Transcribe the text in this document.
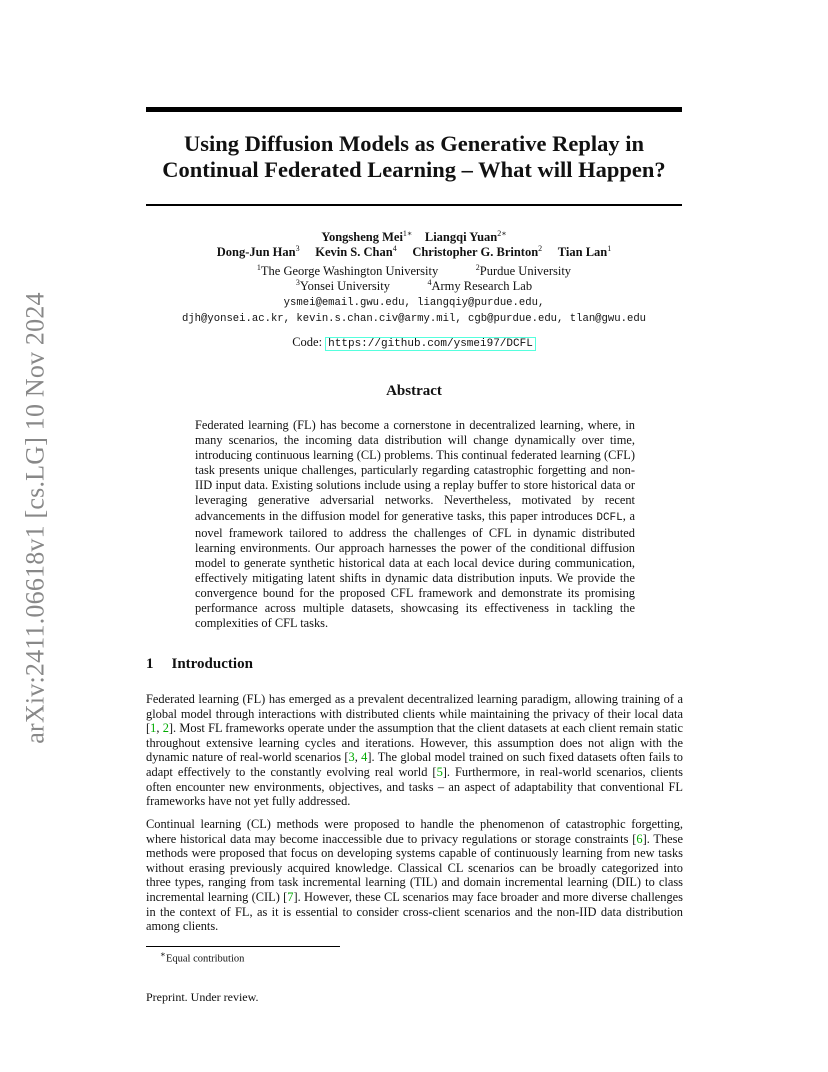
arXiv:2411.06618v1 [cs.LG] 10 Nov 2024
Using Diffusion Models as Generative Replay in
Continual Federated Learning – What will Happen?
Yongsheng Mei$^{1∗}$ Liangqi Yuan$^{2∗}$
Dong-Jun Han$^3$ Kevin S. Chan$^4$ Christopher G. Brinton$^2$ Tian Lan$^1$
$^1$The George Washington University	$^2$Purdue University
$^3$Yonsei University	$^4$Army Research Lab
ysmei@email.gwu.edu, liangqiy@purdue.edu,
djh@yonsei.ac.kr, kevin.s.chan.civ@army.mil, cgb@purdue.edu, tlan@gwu.edu
Code: https://github.com/ysmei97/DCFL
Abstract
Federated learning (FL) has become a cornerstone in decentralized learning, where, in many scenarios, the incoming data distribution will change dynamically over time, introducing continuous learning (CL) problems. This continual federated learning (CFL) task presents unique challenges, particularly regarding catastrophic forgetting and non-IID input data. Existing solutions include using a replay buffer to store historical data or leveraging generative adversarial networks. Nevertheless, motivated by recent advancements in the diffusion model for generative tasks, this paper introduces DCFL, a novel framework tailored to address the challenges of CFL in dynamic distributed learning environments. Our approach harnesses the power of the conditional diffusion model to generate synthetic historical data at each local device during communication, effectively mitigating latent shifts in dynamic data distribution inputs. We provide the convergence bound for the proposed CFL framework and demonstrate its promising performance across multiple datasets, showcasing its effectiveness in tackling the complexities of CFL tasks.
1 Introduction
Federated learning (FL) has emerged as a prevalent decentralized learning paradigm, allowing training of a global model through interactions with distributed clients while maintaining the privacy of their local data [1, 2]. Most FL frameworks operate under the assumption that the client datasets at each client remain static throughout extensive learning cycles and iterations. However, this assumption does not align with the dynamic nature of real-world scenarios [3, 4]. The global model trained on such fixed datasets often fails to adapt effectively to the constantly evolving real world [5]. Furthermore, in real-world scenarios, clients often encounter new environments, objectives, and tasks – an aspect of adaptability that conventional FL frameworks have not yet fully addressed.
Continual learning (CL) methods were proposed to handle the phenomenon of catastrophic forgetting, where historical data may become inaccessible due to privacy regulations or storage constraints [6]. These methods were proposed that focus on developing systems capable of continuously learning from new tasks without erasing previously acquired knowledge. Classical CL scenarios can be broadly categorized into three types, ranging from task incremental learning (TIL) and domain incremental learning (DIL) to class incremental learning (CIL) [7]. However, these CL scenarios may face broader and more diverse challenges in the context of FL, as it is essential to consider cross-client scenarios and the non-IID data distribution among clients.
∗Equal contribution
Preprint. Under review.
